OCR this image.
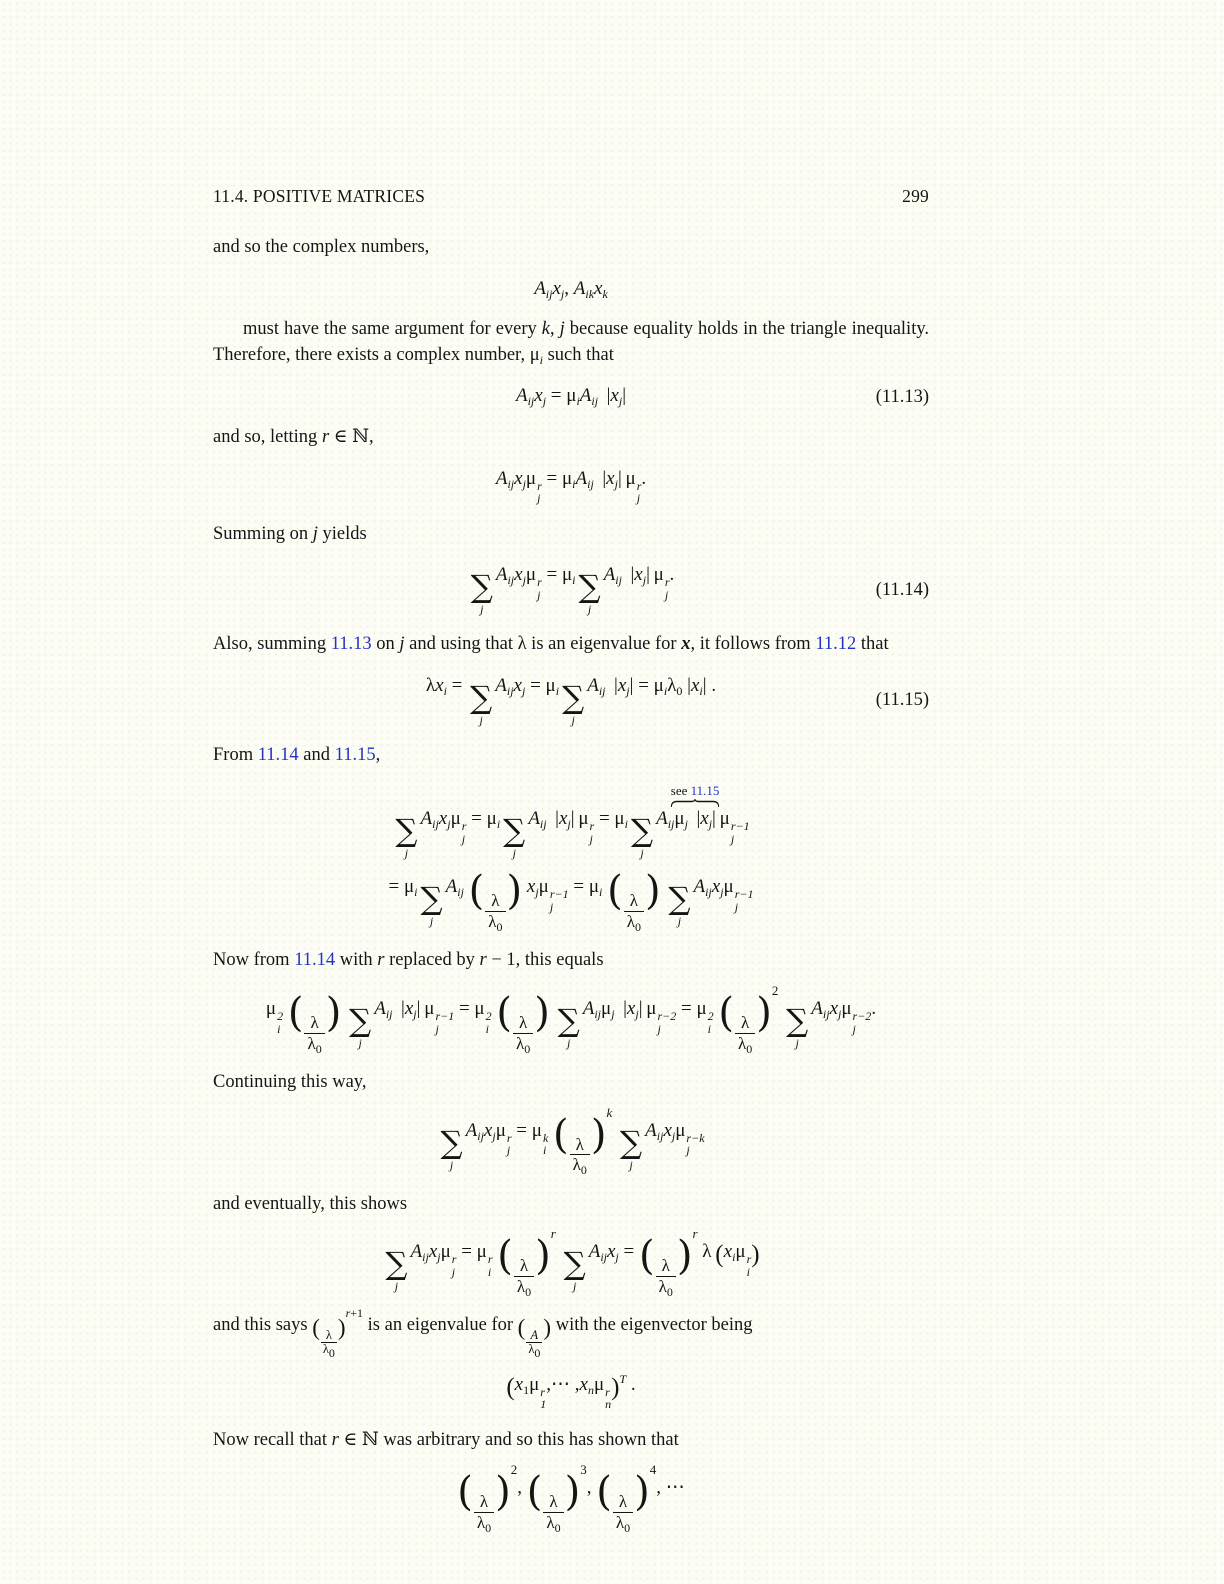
11.4. POSITIVE MATRICES	299

and so the complex numbers,

$A_{ij}x_j$, $A_{ik}x_k$

must have the same argument for every k, j because equality holds in the triangle inequality. Therefore, there exists a complex number, $\mu_i$ such that

$A_{ij}x_j = \mu_iA_{ij}$  $|x_j|$	(11.13)

and so, letting r ∈ ℕ,

$A_{ij}x_j\mu$ r
j
= $\mu_iA_{ij}$  $|x_j|$ μ r
j
.

Summing on j yields

∑
j
$A_{ij}x_j\mu$ r
j
= $\mu_i$ ∑
j
$A_{ij}$  $|x_j|$ μ r
j
.
(11.14)

Also, summing 11.13 on j and using that λ is an eigenvalue for x, it follows from 11.12 that

$\lambda x_i$ = ∑
j
$A_{ij}x_j = \mu_i$ ∑
j
$A_{ij}$  $|x_j| = \mu_i\lambda_0$ $|x_i|$ .
(11.15)

From 11.14 and 11.15,

∑
j
$A_{ij}x_j\mu$ r
j
= $\mu_i$ ∑
j
$A_{ij}$  $|x_j|$ μ r
j
= $\mu_i$ ∑
j
$A_{ij}$
see 11.15
$\mu_j$  $|x_j|$ μ r−1
j
= $\mu_i$ ∑
j
$A_{ij}$ ( $\frac{\lambda}{\lambda_0}$ ) $x_j\mu$ r−1
j
= $\mu_i$ ( $\frac{\lambda}{\lambda_0}$ ) ∑
j
$A_{ij}x_j\mu$ r−1
j

Now from 11.14 with r replaced by r − 1, this equals

μ 2
i ( $\frac{\lambda}{\lambda_0}$ ) ∑
j
$A_{ij}$  $|x_j|$ μ r−1
j
= μ 2
i ( $\frac{\lambda}{\lambda_0}$ ) ∑
j
$A_{ij}\mu_j$  $|x_j|$ μ r−2
j
= μ 2
i ( $\frac{\lambda}{\lambda_0} )^2$
∑
j
$A_{ij}x_j\mu$ r−2
j
.

Continuing this way,

∑
j
$A_{ij}x_j\mu$ r
j
= μ k
i ( $\frac{\lambda}{\lambda_0} )^k$
∑
j
$A_{ij}x_j\mu$ r−k
j

and eventually, this shows

∑
j
$A_{ij}x_j\mu$ r
j
= μ r
i ( $\frac{\lambda}{\lambda_0} )^r$
∑
j
$A_{ij}x_j$ = ( $\frac{\lambda}{\lambda_0} )^r$ λ ($x_i\mu$ r
i
)

and this says (
$\frac{\lambda}{\lambda_0}$
)$^{r+1}$ is an eigenvalue for (
$\frac{A}{\lambda_0}$
) with the eigenvector being

($x_1\mu$ r
1
,⋯ $,x_n\mu$ r
n
)$^T$ .

Now recall that r ∈ ℕ was arbitrary and so this has shown that

( $\frac{\lambda}{\lambda_0} )^2$, ( $\frac{\lambda}{\lambda_0} )^3$, ( $\frac{\lambda}{\lambda_0} )^4$, ⋯
